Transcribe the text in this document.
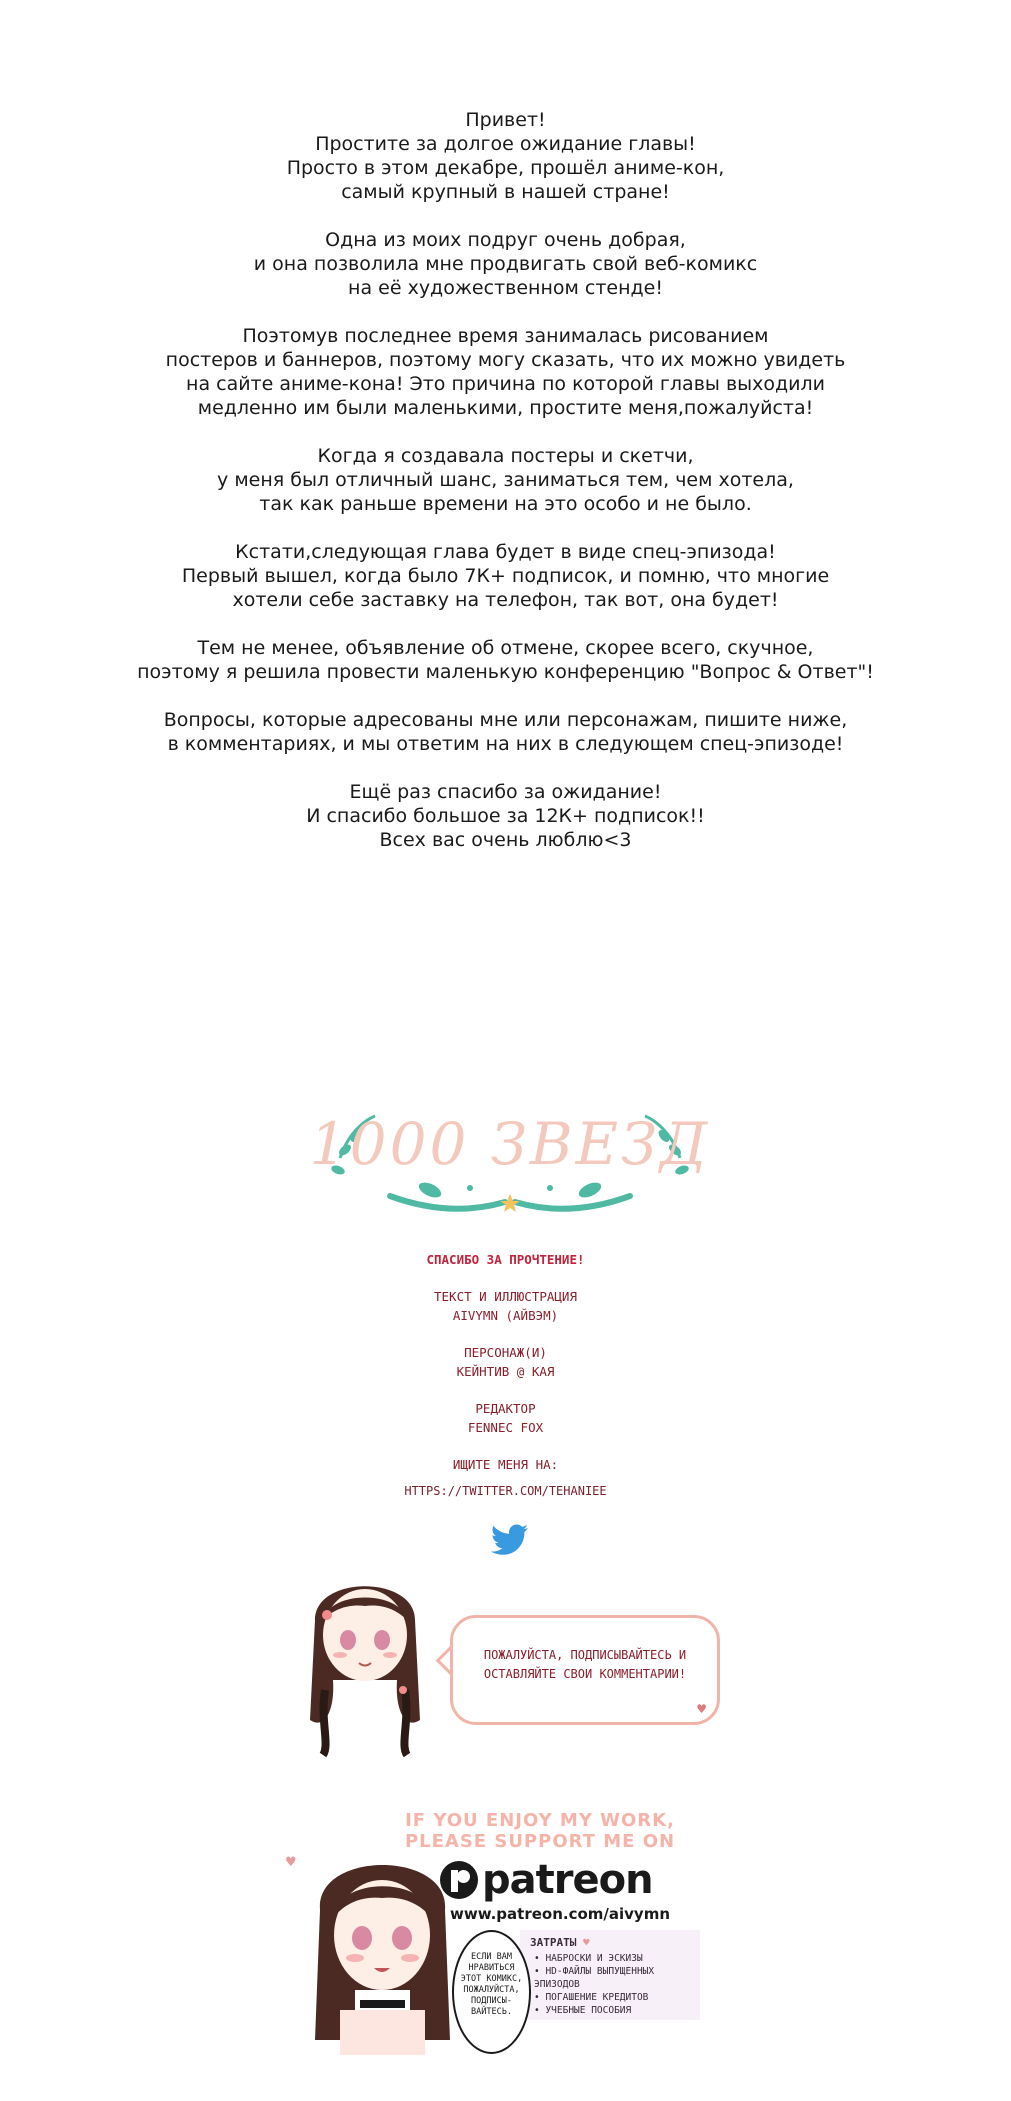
Привет!
Простите за долгое ожидание главы!
Просто в этом декабре, прошёл аниме-кон,
самый крупный в нашей стране!
Одна из моих подруг очень добрая,
и она позволила мне продвигать свой веб-комикс
на её художественном стенде!
Поэтомув последнее время занималась рисованием
постеров и баннеров, поэтому могу сказать, что их можно увидеть
на сайте аниме-кона! Это причина по которой главы выходили
медленно им были маленькими, простите меня,пожалуйста!
Когда я создавала постеры и скетчи,
у меня был отличный шанс, заниматься тем, чем хотела,
так как раньше времени на это особо и не было.
Кстати,следующая глава будет в виде спец-эпизода!
Первый вышел, когда было 7К+ подписок, и помню, что многие
хотели себе заставку на телефон, так вот, она будет!
Тем не менее, объявление об отмене, скорее всего, скучное,
поэтому я решила провести маленькую конференцию "Вопрос & Ответ"!
Вопросы, которые адресованы мне или персонажам, пишите ниже,
в комментариях, и мы ответим на них в следующем спец-эпизоде!
Ещё раз спасибо за ожидание!
И спасибо большое за 12К+ подписок!!
Всех вас очень люблю<3
1000 ЗВЕЗД
СПАСИБО ЗА ПРОЧТЕНИЕ!
ТЕКСТ И ИЛЛЮСТРАЦИЯ
AIVYMN (АЙВЭМ)
ПЕРСОНАЖ(И)
КЕЙНТИВ @ КАЯ
РЕДАКТОР
FENNEC FOX
ИЩИТЕ МЕНЯ НА:
HTTPS://TWITTER.COM/TEHANIEE
ПОЖАЛУЙСТА, ПОДПИСЫВАЙТЕСЬ И
ОСТАВЛЯЙТЕ СВОИ КОММЕНТАРИИ!
♥
IF YOU ENJOY MY WORK,
PLEASE SUPPORT ME ON
patreon
www.patreon.com/aivymn
ЗАТРАТЫ ♥
• НАБРОСКИ И ЭСКИЗЫ
• HD-ФАЙЛЫ ВЫПУЩЕННЫХ ЭПИЗОДОВ
• ПОГАШЕНИЕ КРЕДИТОВ
• УЧЕБНЫЕ ПОСОБИЯ
♥
ЕСЛИ ВАМ
НРАВИТЬСЯ
ЭТОТ КОМИКС,
ПОЖАЛУЙСТА,
ПОДПИСЫ-
ВАЙТЕСЬ.
